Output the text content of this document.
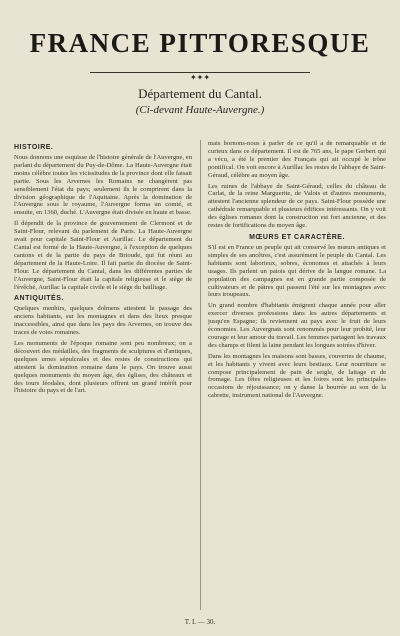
FRANCE PITTORESQUE
✦✦✦
Département du Cantal.
(Ci-devant Haute-Auvergne.)
HISTOIRE.
Nous donnons une esquisse de l'histoire générale de l'Auvergne, en parlant du département du Puy-de-Dôme. La Haute-Auvergne était moins célèbre toutes les vicissitudes de la province dont elle faisait partie. Sous les Arvernes les Romains ne changèrent pas sensiblement l'état du pays; seulement ils le comprirent dans la division géographique de l'Aquitaine. Après la domination de l'Auvergne sous le royaume, l'Auvergne forma un comté, et ensuite, en 1360, duché. L'Auvergne était divisée en haute et basse.
Il dépendit de la province de gouvernement de Clermont et de Saint-Flour, relevant du parlement de Paris. La Haute-Auvergne avait pour capitale Saint-Flour et Aurillac. Le département du Cantal est formé de la Haute-Auvergne, à l'exception de quelques cantons et de la partie du pays de Brioude, qui fut réuni au département de la Haute-Loire. Il fait partie du diocèse de Saint-Flour. Le département du Cantal, dans les différentes parties de l'Auvergne, Saint-Flour était la capitale religieuse et le siège de l'évêché, Aurillac la capitale civile et le siège du bailliage.
ANTIQUITÉS.
Quelques menhirs, quelques dolmens attestent le passage des anciens habitants, sur les montagnes et dans des lieux presque inaccessibles, ainsi que dans les pays des Arvernes, on trouve des traces de voies romaines.
Les monuments de l'époque romaine sont peu nombreux; on a découvert des médailles, des fragments de sculptures et d'antiques, quelques urnes sépulcrales et des restes de constructions qui attestent la domination romaine dans le pays. On trouve aussi quelques monuments du moyen âge, des églises, des châteaux et des tours féodales, dont plusieurs offrent un grand intérêt pour l'histoire du pays et de l'art.
mais bornons-nous à parler de ce qu'il a de remarquable et de curieux dans ce département. Il est de 765 ans, le pape Gerbert qui a vécu, a été le premier des Français qui ait occupé le trône pontifical. On voit encore à Aurillac les restes de l'abbaye de Saint-Géraud, célèbre au moyen âge.
Les ruines de l'abbaye de Saint-Géraud, celles du château de Carlat, de la reine Marguerite, de Valois et d'autres monuments, attestent l'ancienne splendeur de ce pays. Saint-Flour possède une cathédrale remarquable et plusieurs édifices intéressants. On y voit des églises romanes dont la construction est fort ancienne, et des restes de fortifications du moyen âge.
MŒURS ET CARACTÈRE.
S'il est en France un peuple qui ait conservé les mœurs antiques et simples de ses ancêtres, c'est assurément le peuple du Cantal. Les habitants sont laborieux, sobres, économes et attachés à leurs usages. Ils parlent un patois qui dérive de la langue romane. La population des campagnes est en grande partie composée de cultivateurs et de pâtres qui passent l'été sur les montagnes avec leurs troupeaux.
Un grand nombre d'habitants émigrent chaque année pour aller exercer diverses professions dans les autres départements et jusqu'en Espagne; ils reviennent au pays avec le fruit de leurs économies. Les Auvergnats sont renommés pour leur probité, leur courage et leur amour du travail. Les femmes partagent les travaux des champs et filent la laine pendant les longues soirées d'hiver.
Dans les montagnes les maisons sont basses, couvertes de chaume, et les habitants y vivent avec leurs bestiaux. Leur nourriture se compose principalement de pain de seigle, de laitage et de fromage. Les fêtes religieuses et les foires sont les principales occasions de réjouissance; on y danse la bourrée au son de la cabrette, instrument national de l'Auvergne.
T. I. — 30.
